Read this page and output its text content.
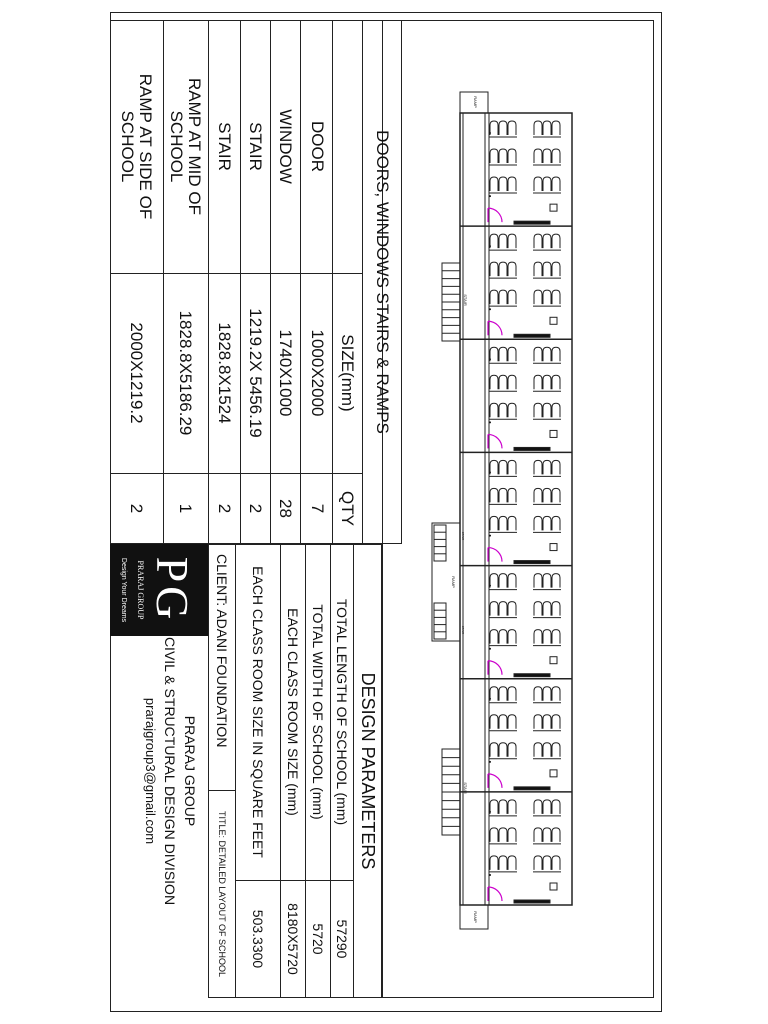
DOORS, WINDOWS STAIRS & RAMPS
SIZE(mm)
QTY
DOOR
1000X2000
7
WINDOW
1740X1000
28
STAIR
1219.2X 5456.19
2
STAIR
1828.8X1524
2
RAMP AT MID OF SCHOOL
1828.8X5186.29
1
RAMP AT SIDE OF SCHOOL
2000X1219.2
2
DESIGN PARAMETERS
TOTAL LENGTH OF SCHOOL (mm)
57290
TOTAL WIDTH OF SCHOOL (mm)
5720
EACH CLASS ROOM SIZE (mm)
8180X5720
EACH CLASS ROOM SIZE IN SQUARE FEET
503.3300
CLIENT: ADANI FOUNDATION
TITLE: DETAILED LAYOUT OF SCHOOL
PG
PRARAJ GROUP
Design Your Dreams
PRARAJ GROUP
CIVIL & STRUCTURAL DESIGN DIVISION
prarajgroup3@gmail.com
RAMP
RAMP
STAIR
STAIR
RAMP
STAIR
STAIR
